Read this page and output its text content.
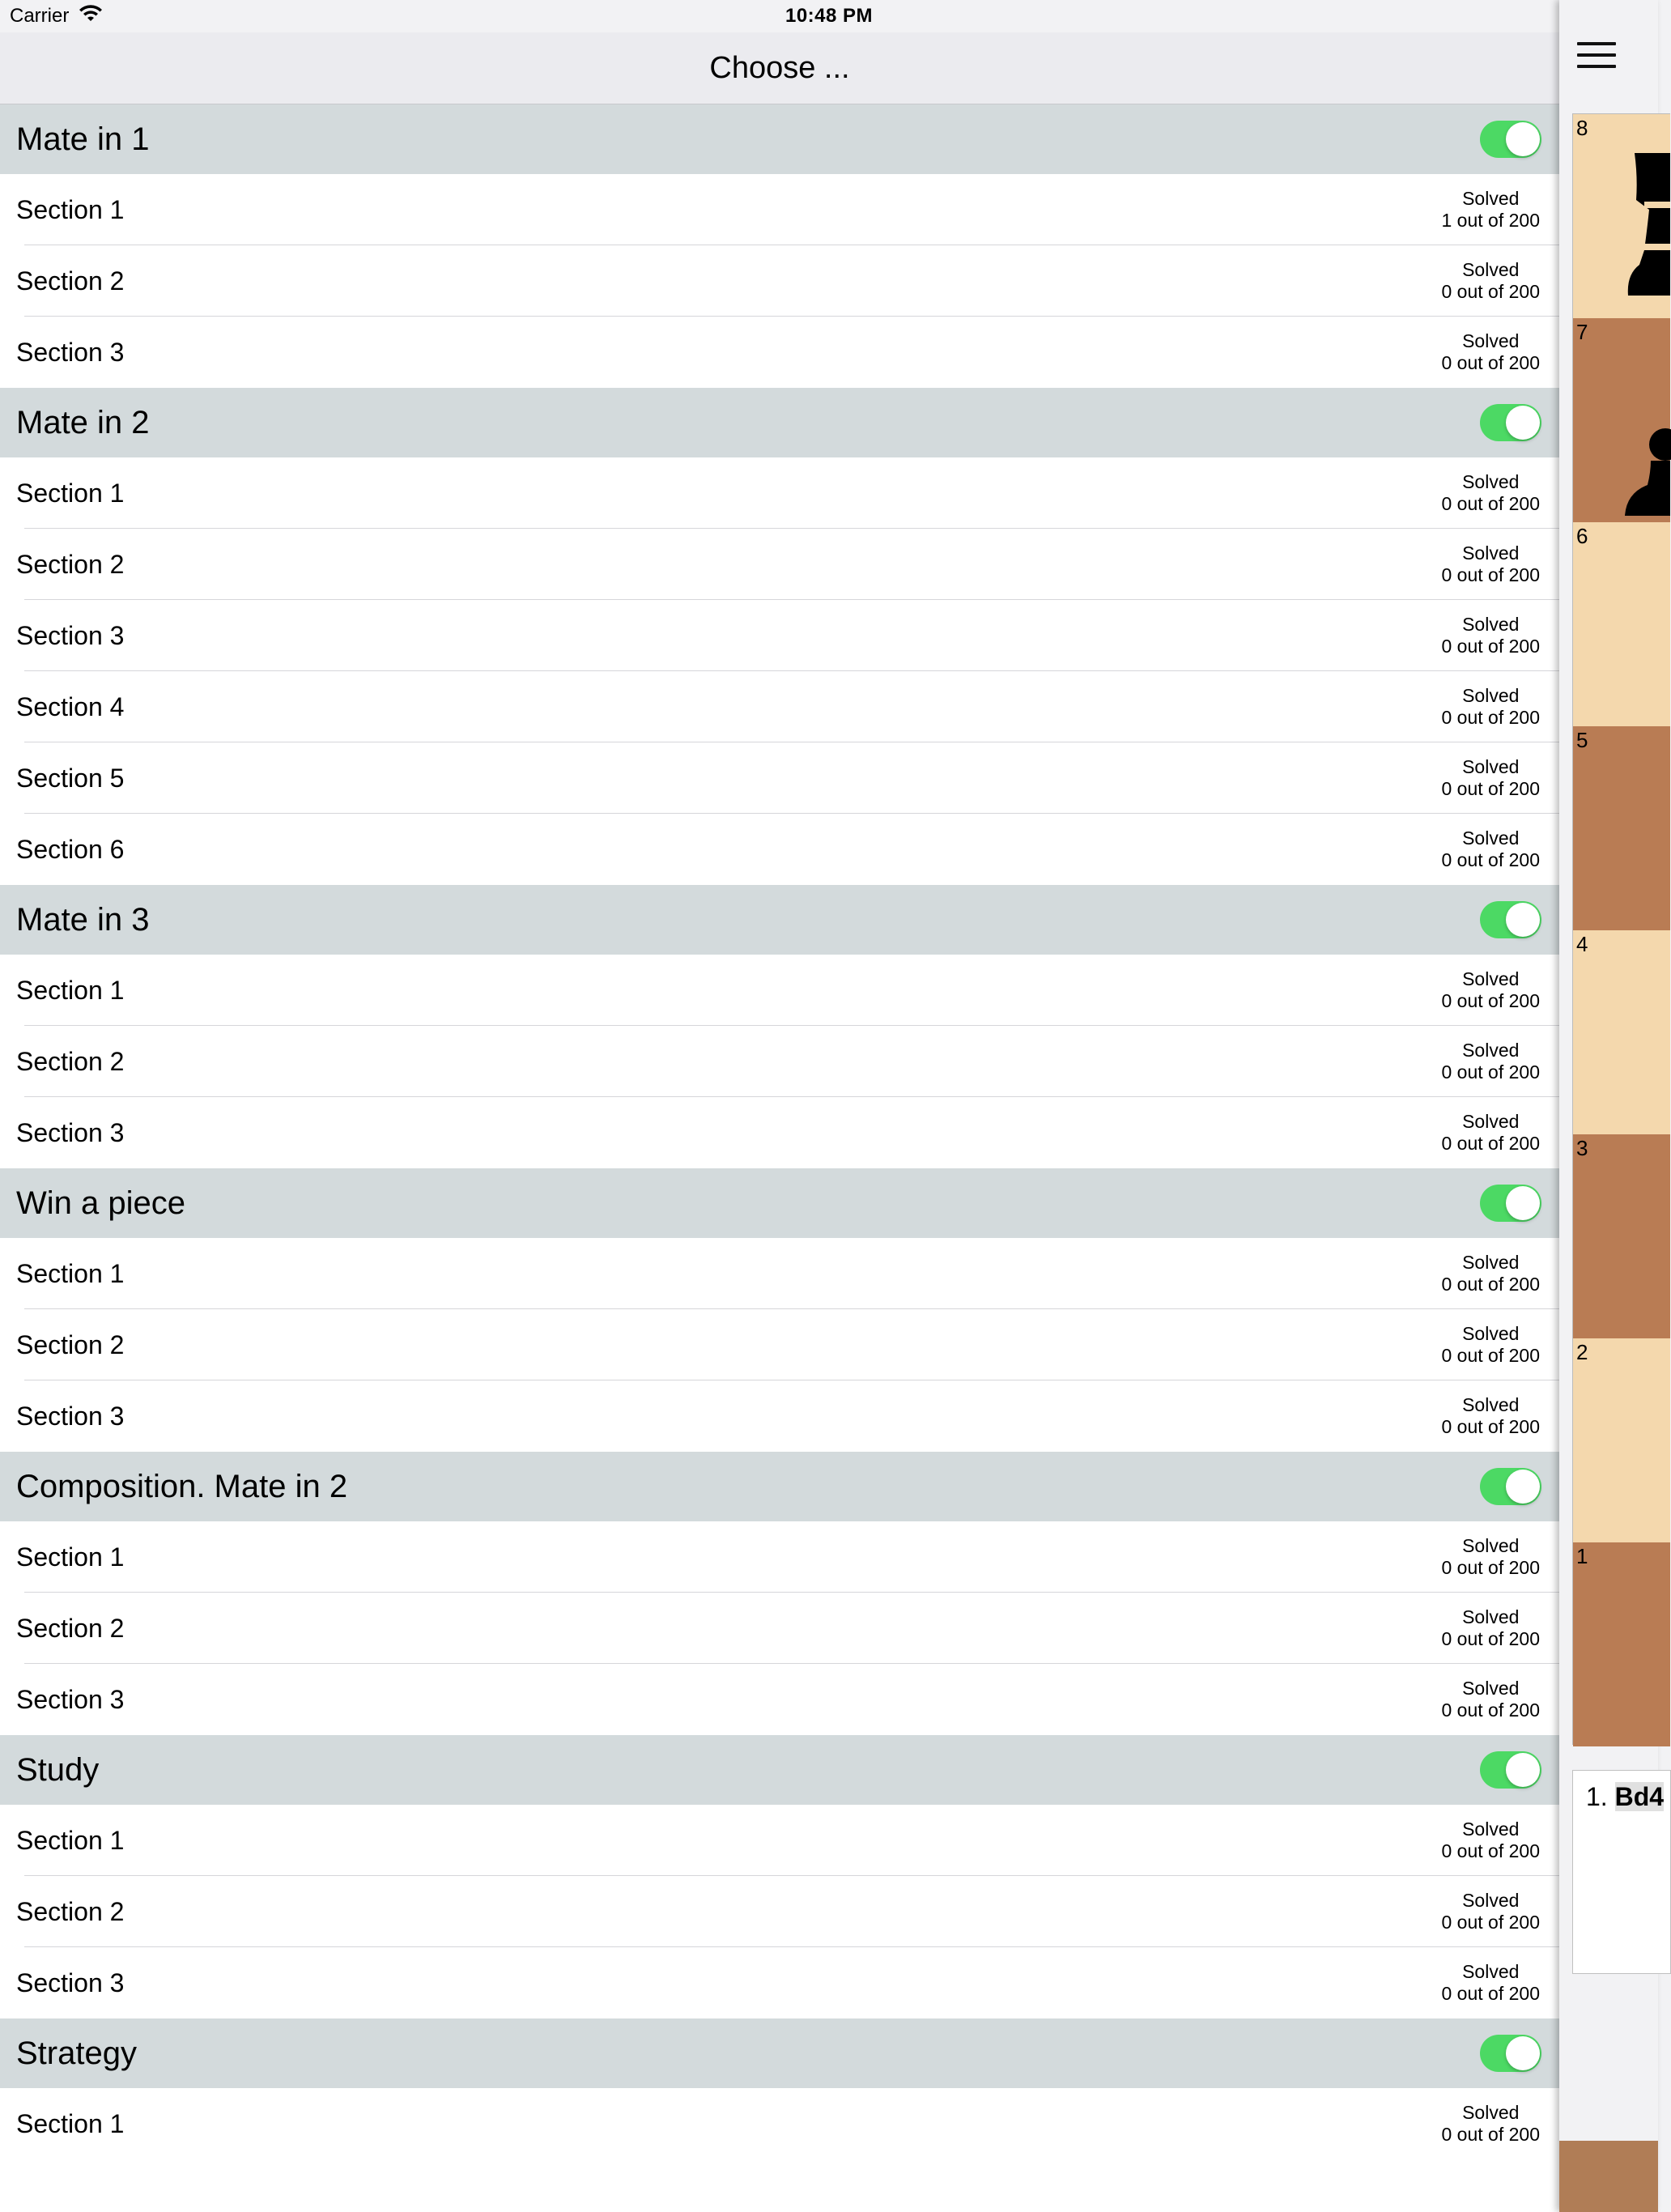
Carrier	10:48 PM
Choose ...
Mate in 1
Section 1	Solved
1 out of 200
Section 2	Solved
0 out of 200
Section 3	Solved
0 out of 200
Mate in 2
Section 1	Solved
0 out of 200
Section 2	Solved
0 out of 200
Section 3	Solved
0 out of 200
Section 4	Solved
0 out of 200
Section 5	Solved
0 out of 200
Section 6	Solved
0 out of 200
Mate in 3
Section 1	Solved
0 out of 200
Section 2	Solved
0 out of 200
Section 3	Solved
0 out of 200
Win a piece
Section 1	Solved
0 out of 200
Section 2	Solved
0 out of 200
Section 3	Solved
0 out of 200
Composition. Mate in 2
Section 1	Solved
0 out of 200
Section 2	Solved
0 out of 200
Section 3	Solved
0 out of 200
Study
Section 1	Solved
0 out of 200
Section 2	Solved
0 out of 200
Section 3	Solved
0 out of 200
Strategy
Section 1	Solved
0 out of 200
1
2
3
4
5
6
7
8
1. Bd4
